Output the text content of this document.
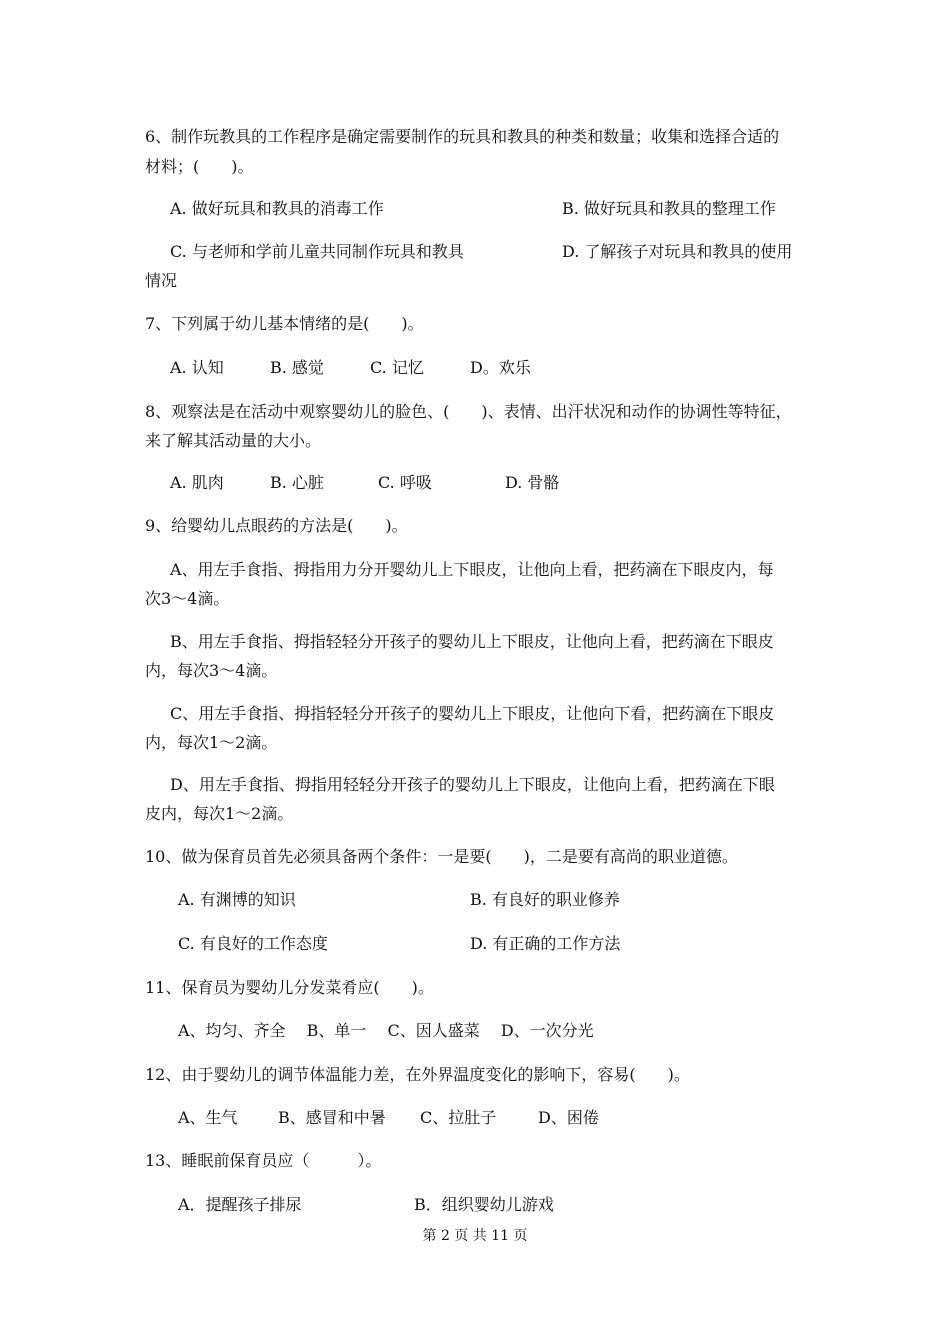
6、制作玩教具的工作程序是确定需要制作的玩具和教具的种类和数量；收集和选择合适的
材料；(　　)。
A. 做好玩具和教具的消毒工作	B. 做好玩具和教具的整理工作
C. 与老师和学前儿童共同制作玩具和教具	D. 了解孩子对玩具和教具的使用
情况
7、下列属于幼儿基本情绪的是(　　)。
A. 认知	B. 感觉	C. 记忆	D。欢乐
8、观察法是在活动中观察婴幼儿的脸色、(　　)、表情、出汗状况和动作的协调性等特征，
来了解其活动量的大小。
A. 肌肉	B. 心脏	C. 呼吸	D. 骨骼
9、给婴幼儿点眼药的方法是(　　)。
A、用左手食指、拇指用力分开婴幼儿上下眼皮，让他向上看，把药滴在下眼皮内，每
次3～4滴。
B、用左手食指、拇指轻轻分开孩子的婴幼儿上下眼皮，让他向上看，把药滴在下眼皮
内，每次3～4滴。
C、用左手食指、拇指轻轻分开孩子的婴幼儿上下眼皮，让他向下看，把药滴在下眼皮
内，每次1～2滴。
D、用左手食指、拇指用轻轻分开孩子的婴幼儿上下眼皮，让他向上看，把药滴在下眼
皮内，每次1～2滴。
10、做为保育员首先必须具备两个条件：一是要(　　)，二是要有高尚的职业道德。
A. 有渊博的知识	B. 有良好的职业修养
C. 有良好的工作态度	D. 有正确的工作方法
11、保育员为婴幼儿分发菜肴应(　　)。
A、均匀、齐全　 B、单一　 C、因人盛菜　 D、一次分光
12、由于婴幼儿的调节体温能力差，在外界温度变化的影响下，容易(　　)。
A、生气	B、感冒和中暑 C、拉肚子	D、困倦
13、睡眠前保育员应（　　　）。
A．提醒孩子排尿	B．组织婴幼儿游戏
第 2 页 共 11 页
